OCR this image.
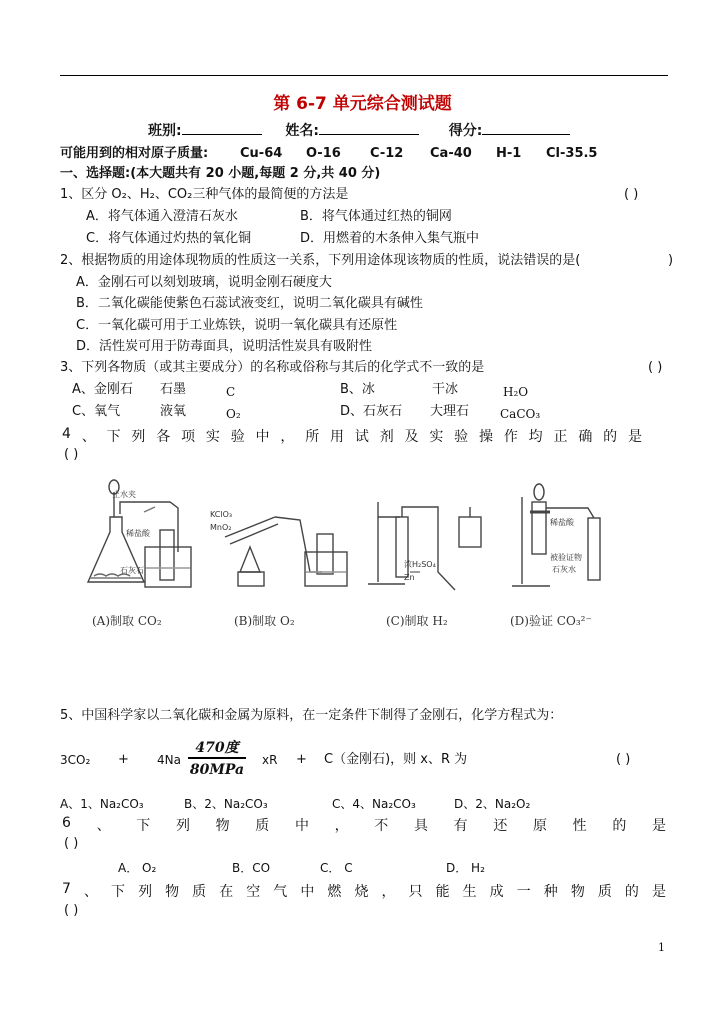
第 6-7 单元综合测试题
班别:	姓名:	得分:
可能用到的相对原子质量: Cu-64	O-16	C-12	Ca-40	H-1	Cl-35.5
一、选择题:(本大题共有 20 小题,每题 2 分,共 40 分)
1、区分 O₂、H₂、CO₂三种气体的最简便的方法是	( )
A．将气体通入澄清石灰水	B．将气体通过红热的铜网
C．将气体通过灼热的氧化铜	D．用燃着的木条伸入集气瓶中
2、根据物质的用途体现物质的性质这一关系，下列用途体现该物质的性质，说法错误的是(	)
A．金刚石可以刻划玻璃，说明金刚石硬度大
B．二氧化碳能使紫色石蕊试液变红，说明二氧化碳具有碱性
C．一氧化碳可用于工业炼铁，说明一氧化碳具有还原性
D．活性炭可用于防毒面具，说明活性炭具有吸附性
3、下列各物质（或其主要成分）的名称或俗称与其后的化学式不一致的是	( )
A、金刚石 石墨	C	B、冰	干冰	H₂O
C、氧气	液氧	O₂	D、石灰石 大理石	CaCO₃
4 、 下 列 各 项 实 验 中 ， 所 用 试 剂 及 实 验 操 作 均 正 确 的 是
( )
止水夹
稀盐酸
石灰石
KClO₃
MnO₂
浓H₂SO₄
Zn
稀盐酸
被验证物
石灰水
(A)制取 CO₂	(B)制取 O₂	(C)制取 H₂	(D)验证 CO₃²⁻
5、中国科学家以二氧化碳和金属为原料，在一定条件下制得了金刚石，化学方程式为：
3CO₂ + 4Na
470度
80MPa
xR + C（金刚石)，则 x、R 为	( )
A、1、Na₂CO₃	B、2、Na₂CO₃	C、4、Na₂CO₃	D、2、Na₂O₂
6 、 下 列 物 质 中 ， 不 具 有 还 原 性 的 是
( )
A． O₂	B．CO	C． C	D． H₂
7 、 下 列 物 质 在 空 气 中 燃 烧 ， 只 能 生 成 一 种 物 质 的 是
( )
1
